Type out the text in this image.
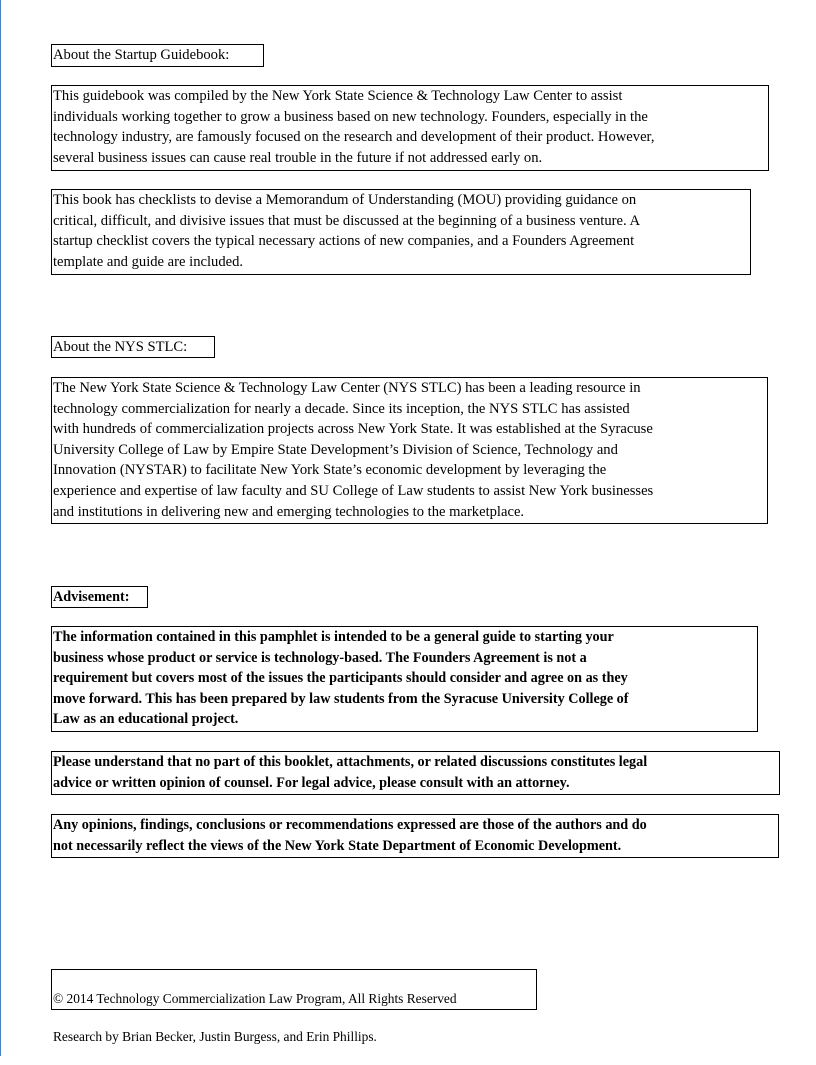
About the Startup Guidebook:
This guidebook was compiled by the New York State Science & Technology Law Center to assist
individuals working together to grow a business based on new technology. Founders, especially in the
technology industry, are famously focused on the research and development of their product. However,
several business issues can cause real trouble in the future if not addressed early on.
This book has checklists to devise a Memorandum of Understanding (MOU) providing guidance on
critical, difficult, and divisive issues that must be discussed at the beginning of a business venture. A
startup checklist covers the typical necessary actions of new companies, and a Founders Agreement
template and guide are included.
About the NYS STLC:
The New York State Science & Technology Law Center (NYS STLC) has been a leading resource in
technology commercialization for nearly a decade. Since its inception, the NYS STLC has assisted
with hundreds of commercialization projects across New York State. It was established at the Syracuse
University College of Law by Empire State Development’s Division of Science, Technology and
Innovation (NYSTAR) to facilitate New York State’s economic development by leveraging the
experience and expertise of law faculty and SU College of Law students to assist New York businesses
and institutions in delivering new and emerging technologies to the marketplace.
Advisement:
The information contained in this pamphlet is intended to be a general guide to starting your
business whose product or service is technology-based. The Founders Agreement is not a
requirement but covers most of the issues the participants should consider and agree on as they
move forward. This has been prepared by law students from the Syracuse University College of
Law as an educational project.
Please understand that no part of this booklet, attachments, or related discussions constitutes legal
advice or written opinion of counsel. For legal advice, please consult with an attorney.
Any opinions, findings, conclusions or recommendations expressed are those of the authors and do
not necessarily reflect the views of the New York State Department of Economic Development.

© 2014 Technology Commercialization Law Program, All Rights Reserved

Research by Brian Becker, Justin Burgess, and Erin Phillips.
